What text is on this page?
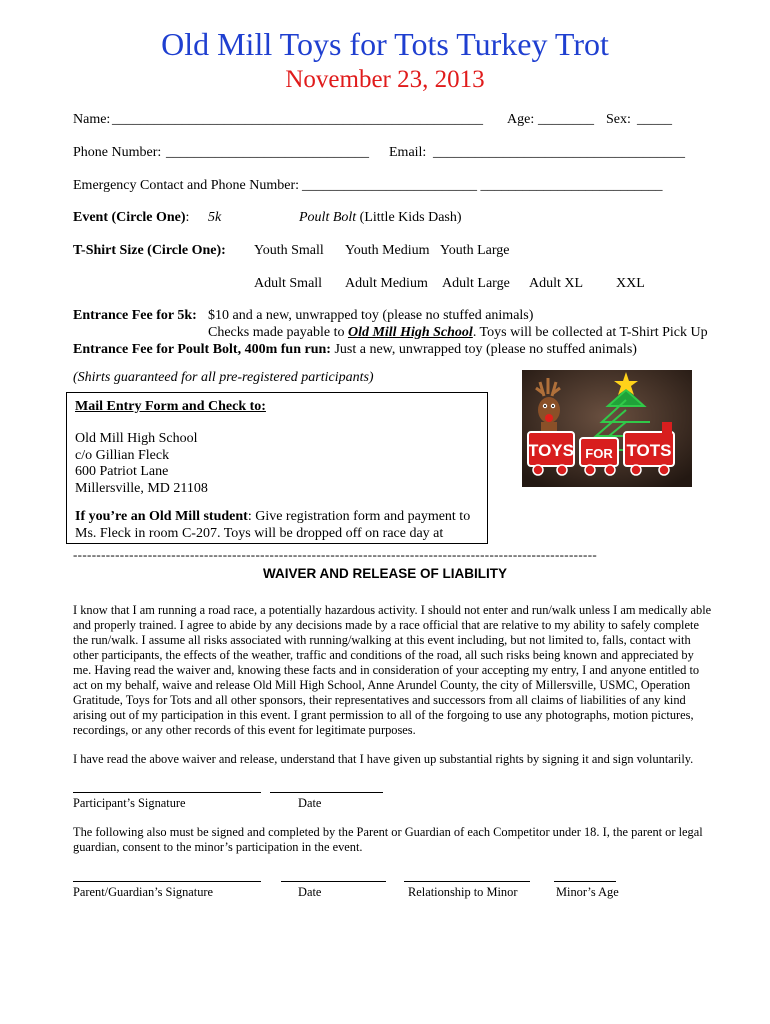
Old Mill Toys for Tots Turkey Trot
November 23, 2013
Name: _____________________________________________________ Age: ________ Sex: _____
Phone Number: _____________________________ Email: ____________________________________
Emergency Contact and Phone Number: _________________________ __________________________
Event (Circle One): 5k	Poult Bolt (Little Kids Dash)
T-Shirt Size (Circle One): Youth Small Youth Medium Youth Large
Adult Small Adult Medium Adult Large Adult XL XXL
Entrance Fee for 5k: $10 and a new, unwrapped toy (please no stuffed animals)
Checks made payable to Old Mill High School. Toys will be collected at T-Shirt Pick Up
Entrance Fee for Poult Bolt, 400m fun run: Just a new, unwrapped toy (please no stuffed animals)
(Shirts guaranteed for all pre-registered participants)
Mail Entry Form and Check to:
Old Mill High School
c/o Gillian Fleck
600 Patriot Lane
Millersville, MD 21108
If you’re an Old Mill student: Give registration form and payment to
Ms. Fleck in room C-207. Toys will be dropped off on race day at
TOYS FOR TOTS
----------------------------------------------------------------------------------------------------------------
WAIVER AND RELEASE OF LIABILITY
I know that I am running a road race, a potentially hazardous activity. I should not enter and run/walk unless I am medically able and properly trained. I agree to abide by any decisions made by a race official that are relative to my ability to safely complete the run/walk. I assume all risks associated with running/walking at this event including, but not limited to, falls, contact with other participants, the effects of the weather, traffic and conditions of the road, all such risks being known and appreciated by me. Having read the waiver and, knowing these facts and in consideration of your accepting my entry, I and anyone entitled to act on my behalf, waive and release Old Mill High School, Anne Arundel County, the city of Millersville, USMC, Operation Gratitude, Toys for Tots and all other sponsors, their representatives and successors from all claims of liabilities of any kind arising out of my participation in this event. I grant permission to all of the forgoing to use any photographs, motion pictures, recordings, or any other records of this event for legitimate purposes.
I have read the above waiver and release, understand that I have given up substantial rights by signing it and sign voluntarily.
Participant’s Signature	Date
The following also must be signed and completed by the Parent or Guardian of each Competitor under 18. I, the parent or legal guardian, consent to the minor’s participation in the event.
Parent/Guardian’s Signature	Date	Relationship to Minor	Minor’s Age
